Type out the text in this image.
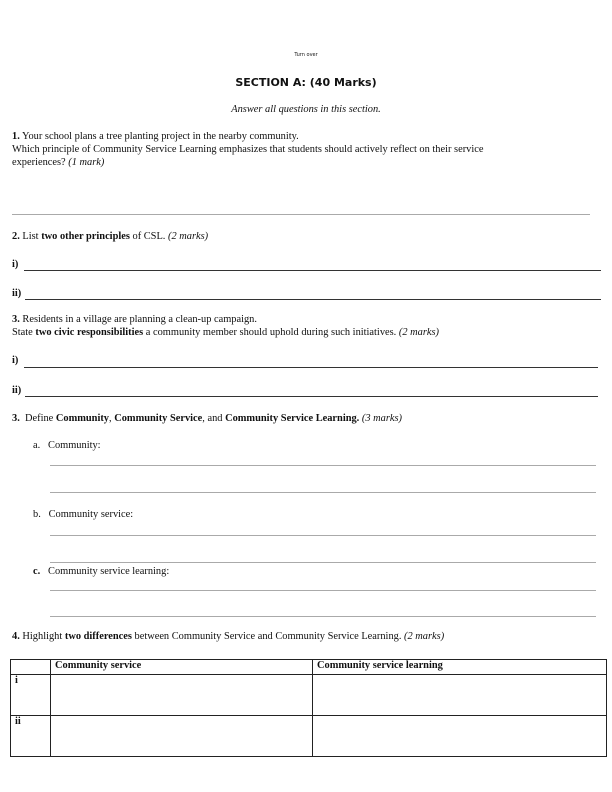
Turn over
SECTION A: (40 Marks)
Answer all questions in this section.
1. Your school plans a tree planting project in the nearby community.
Which principle of Community Service Learning emphasizes that students should actively reflect on their service
experiences? (1 mark)
2. List two other principles of CSL. (2 marks)
i)
ii)
3. Residents in a village are planning a clean-up campaign.
State two civic responsibilities a community member should uphold during such initiatives. (2 marks)
i)
ii)
3. Define Community, Community Service, and Community Service Learning. (3 marks)
a. Community:
b. Community service:
c. Community service learning:
4. Highlight two differences between Community Service and Community Service Learning. (2 marks)
	Community service	Community service learning
i		
ii		
